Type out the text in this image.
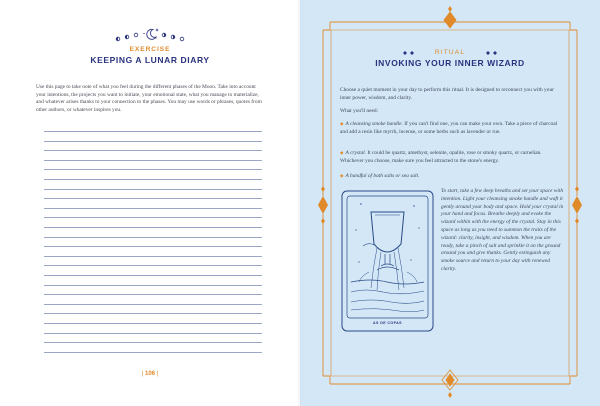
EXERCISE
KEEPING A LUNAR DIARY

Use this page to take note of what you feel during the different phases of the Moon. Take into account your intentions, the projects you want to initiate, your emotional state, what you manage to materialize, and whatever arises thanks to your connection to the phases. You may use words or phrases, quotes from other authors, or whatever inspires you.

| 106 |
RITUAL
INVOKING YOUR INNER WIZARD

Choose a quiet moment in your day to perform this ritual. It is designed to reconnect you with your inner power, wisdom, and clarity.

What you'll need:

◆ A cleansing smoke bundle. If you can't find one, you can make your own. Take a piece of charcoal and add a resin like myrrh, incense, or some herbs such as lavender or rue.

◆ A crystal. It could be quartz, amethyst, selenite, opalite, rose or smoky quartz, or carnelian. Whichever you choose, make sure you feel attracted to the stone's energy.

◆ A handful of bath salts or sea salt.

AS DE COPAS

To start, take a few deep breaths and set your space with intention. Light your cleansing smoke bundle and waft it gently around your body and space. Hold your crystal in your hand and focus. Breathe deeply and evoke the wizard within with the energy of the crystal. Stay in this space as long as you need to summon the traits of the wizard: clarity, insight, and wisdom. When you are ready, take a pinch of salt and sprinkle it on the ground around you and give thanks. Gently extinguish any smoke source and return to your day with renewed clarity.
